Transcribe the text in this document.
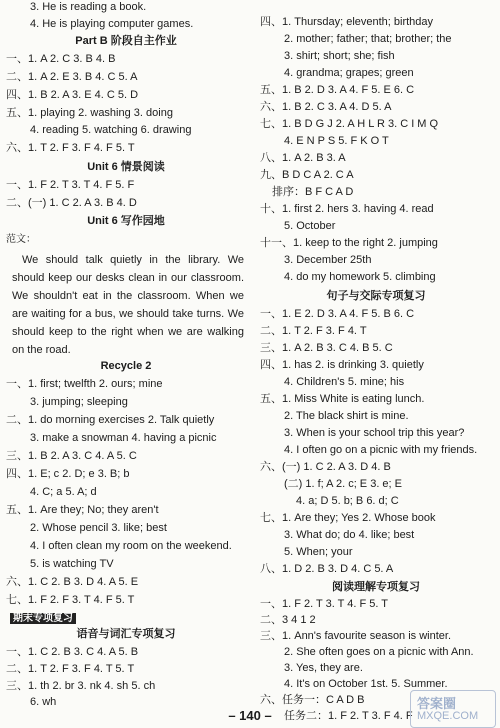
3. He is reading a book.
4. He is playing computer games.
Part B 阶段自主作业
一、1. A 2. C 3. B 4. B
二、1. A 2. E 3. B 4. C 5. A
四、1. B 2. A 3. E 4. C 5. D
五、1. playing 2. washing 3. doing
4. reading 5. watching 6. drawing
六、1. T 2. F 3. F 4. F 5. T
Unit 6 情景阅读
一、1. F 2. T 3. T 4. F 5. F
二、(一) 1. C 2. A 3. B 4. D
Unit 6 写作园地
范文：
We should talk quietly in the library. We should keep our desks clean in our classroom. We shouldn't eat in the classroom. When we are waiting for a bus, we should take turns. We should keep to the right when we are walking on the road.
Recycle 2
一、1. first; twelfth 2. ours; mine
3. jumping; sleeping
二、1. do morning exercises 2. Talk quietly
3. make a snowman 4. having a picnic
三、1. B 2. A 3. C 4. A 5. C
四、1. E; c 2. D; e 3. B; b
4. C; a 5. A; d
五、1. Are they; No; they aren't
2. Whose pencil 3. like; best
4. I often clean my room on the weekend.
5. is watching TV
六、1. C 2. B 3. D 4. A 5. E
七、1. F 2. F 3. T 4. F 5. T
期末专项复习
语音与词汇专项复习
一、1. C 2. B 3. C 4. A 5. B
二、1. T 2. F 3. F 4. T 5. T
三、1. th 2. br 3. nk 4. sh 5. ch
6. wh
四、1. Thursday; eleventh; birthday
2. mother; father; that; brother; the
3. shirt; short; she; fish
4. grandma; grapes; green
五、1. B 2. D 3. A 4. F 5. E 6. C
六、1. B 2. C 3. A 4. D 5. A
七、1. B D G J 2. A H L R 3. C I M Q
4. E N P S 5. F K O T
八、1. A 2. B 3. A
九、B D C A 2. C A
排序：B F C A D
十、1. first 2. hers 3. having 4. read
5. October
十一、1. keep to the right 2. jumping
3. December 25th
4. do my homework 5. climbing
句子与交际专项复习
一、1. E 2. D 3. A 4. F 5. B 6. C
二、1. T 2. F 3. F 4. T
三、1. A 2. B 3. C 4. B 5. C
四、1. has 2. is drinking 3. quietly
4. Children's 5. mine; his
五、1. Miss White is eating lunch.
2. The black shirt is mine.
3. When is your school trip this year?
4. I often go on a picnic with my friends.
六、(一) 1. C 2. A 3. D 4. B
(二) 1. f; A 2. c; E 3. e; E
4. a; D 5. b; B 6. d; C
七、1. Are they; Yes 2. Whose book
3. What do; do 4. like; best
5. When; your
八、1. D 2. B 3. D 4. C 5. A
阅读理解专项复习
一、1. F 2. T 3. T 4. F 5. T
二、3 4 1 2
三、1. Ann's favourite season is winter.
2. She often goes on a picnic with Ann.
3. Yes, they are.
4. It's on October 1st. 5. Summer.
六、任务一：C A D B
任务二：1. F 2. T 3. F 4. F
– 140 –
答案圈
MXQE.COM
